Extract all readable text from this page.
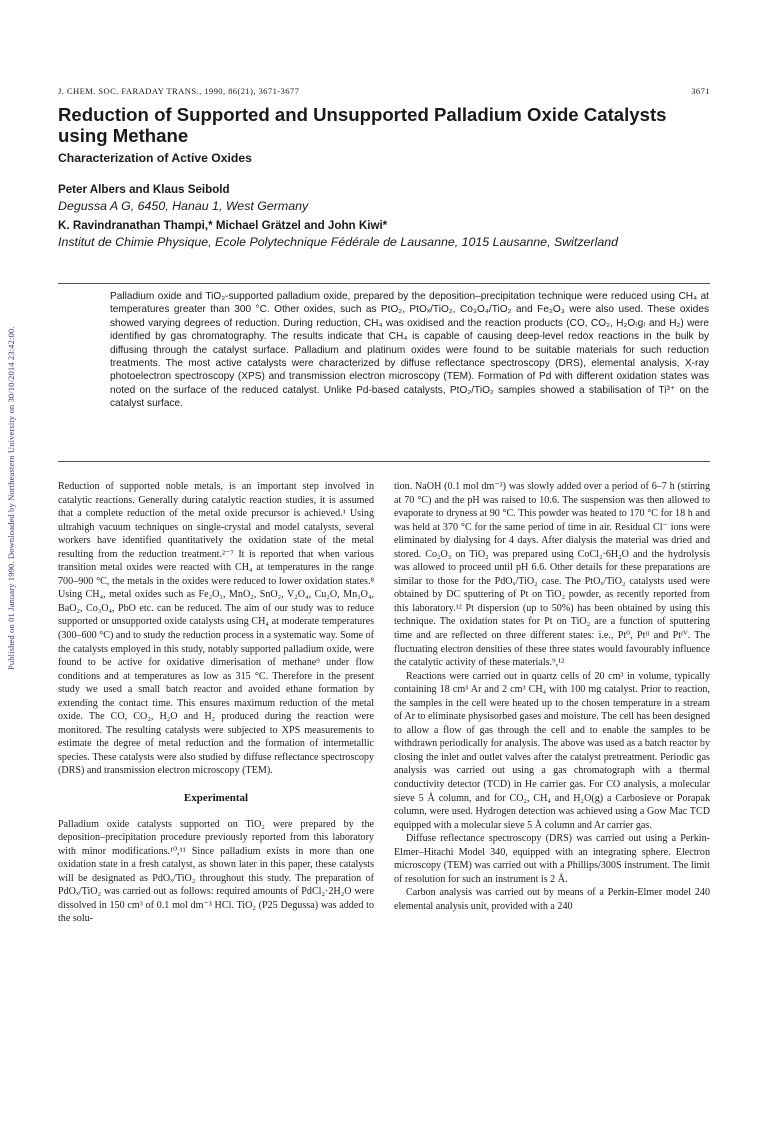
Published on 01 January 1990. Downloaded by Northeastern University on 30/10/2014 23:42:00.
J. CHEM. SOC. FARADAY TRANS., 1990, 86(21), 3671-3677	3671
Reduction of Supported and Unsupported Palladium Oxide Catalysts using Methane
Characterization of Active Oxides
Peter Albers and Klaus Seibold
Degussa A G, 6450, Hanau 1, West Germany
K. Ravindranathan Thampi,* Michael Grätzel and John Kiwi*
Institut de Chimie Physique, Ecole Polytechnique Fédérale de Lausanne, 1015 Lausanne, Switzerland

Palladium oxide and TiO₂-supported palladium oxide, prepared by the deposition–precipitation technique were reduced using CH₄ at temperatures greater than 300 °C. Other oxides, such as PtO₂, PtOₓ/TiO₂, Co₃O₄/TiO₂ and Fe₂O₃ were also used. These oxides showed varying degrees of reduction. During reduction, CH₄ was oxidised and the reaction products (CO, CO₂, H₂O₍g₎ and H₂) were identified by gas chromatography. The results indicate that CH₄ is capable of causing deep-level redox reactions in the bulk by diffusing through the catalyst surface. Palladium and platinum oxides were found to be suitable materials for such reduction treatments. The most active catalysts were characterized by diffuse reflectance spectroscopy (DRS), elemental analysis, X-ray photoelectron spectroscopy (XPS) and transmission electron microscopy (TEM). Formation of Pd with different oxidation states was noted on the surface of the reduced catalyst. Unlike Pd-based catalysts, PtO₂/TiO₂ samples showed a stabilisation of Ti³⁺ on the catalyst surface.

Reduction of supported noble metals, is an important step involved in catalytic reactions. Generally during catalytic reaction studies, it is assumed that a complete reduction of the metal oxide precursor is achieved.¹ Using ultrahigh vacuum techniques on single-crystal and model catalysts, several workers have identified quantitatively the oxidation state of the metal resulting from the reduction treatment.²⁻⁷ It is reported that when various transition metal oxides were reacted with CH₄ at temperatures in the range 700–900 °C, the metals in the oxides were reduced to lower oxidation states.⁸ Using CH₄, metal oxides such as Fe₂O₃, MnO₂, SnO₂, V₂O₄, Cu₂O, Mn₃O₄, BaO₂, Co₃O₄, PbO etc. can be reduced. The aim of our study was to reduce supported or unsupported oxide catalysts using CH₄ at moderate temperatures (300–600 °C) and to study the reduction process in a systematic way. Some of the catalysts employed in this study, notably supported palladium oxide, were found to be active for oxidative dimerisation of methane⁹ under flow conditions and at temperatures as low as 315 °C. Therefore in the present study we used a small batch reactor and avoided ethane formation by extending the contact time. This ensures maximum reduction of the metal oxide. The CO, CO₂, H₂O and H₂ produced during the reaction were monitored. The resulting catalysts were subjected to XPS measurements to estimate the degree of metal reduction and the formation of intermetallic species. These catalysts were also studied by diffuse reflectance spectroscopy (DRS) and transmission electron microscopy (TEM).

Experimental

Palladium oxide catalysts supported on TiO₂ were prepared by the deposition–precipitation procedure previously reported from this laboratory with minor modifications.¹⁰,¹¹ Since palladium exists in more than one oxidation state in a fresh catalyst, as shown later in this paper, these catalysts will be designated as PdOₓ/TiO₂ throughout this study. The preparation of PdOₓ/TiO₂ was carried out as follows: required amounts of PdCl₂·2H₂O were dissolved in 150 cm³ of 0.1 mol dm⁻³ HCl. TiO₂ (P25 Degussa) was added to the solu-

tion. NaOH (0.1 mol dm⁻³) was slowly added over a period of 6–7 h (stirring at 70 °C) and the pH was raised to 10.6. The suspension was then allowed to evaporate to dryness at 90 °C. This powder was heated to 170 °C for 18 h and was held at 370 °C for the same period of time in air. Residual Cl⁻ ions were eliminated by dialysing for 4 days. After dialysis the material was dried and stored. Co₂O₃ on TiO₂ was prepared using CoCl₂·6H₂O and the hydrolysis was allowed to proceed until pH 6.6. Other details for these preparations are similar to those for the PdOₓ/TiO₂ case. The PtOₓ/TiO₂ catalysts used were obtained by DC sputtering of Pt on TiO₂ powder, as recently reported from this laboratory.¹² Pt dispersion (up to 50%) has been obtained by using this technique. The oxidation states for Pt on TiO₂ are a function of sputtering time and are reflected on three different states: i.e., Pt⁰, Ptᴵᴵ and Ptᴵⱽ. The fluctuating electron densities of these three states would favourably influence the catalytic activity of these materials.⁹,¹²

Reactions were carried out in quartz cells of 20 cm³ in volume, typically containing 18 cm³ Ar and 2 cm³ CH₄ with 100 mg catalyst. Prior to reaction, the samples in the cell were heated up to the chosen temperature in a stream of Ar to eliminate physisorbed gases and moisture. The cell has been designed to allow a flow of gas through the cell and to enable the samples to be withdrawn periodically for analysis. The above was used as a batch reactor by closing the inlet and outlet valves after the catalyst pretreatment. Periodic gas analysis was carried out using a gas chromatograph with a thermal conductivity detector (TCD) in He carrier gas. For CO analysis, a molecular sieve 5 Å column, and for CO₂, CH₄ and H₂O(g) a Carbosieve or Porapak column, were used. Hydrogen detection was achieved using a Gow Mac TCD equipped with a molecular sieve 5 Å column and Ar carrier gas.

Diffuse reflectance spectroscopy (DRS) was carried out using a Perkin-Elmer–Hitachi Model 340, equipped with an integrating sphere. Electron microscopy (TEM) was carried out with a Phillips/300S instrument. The limit of resolution for such an instrument is 2 Å.

Carbon analysis was carried out by means of a Perkin-Elmer model 240 elemental analysis unit, provided with a 240
